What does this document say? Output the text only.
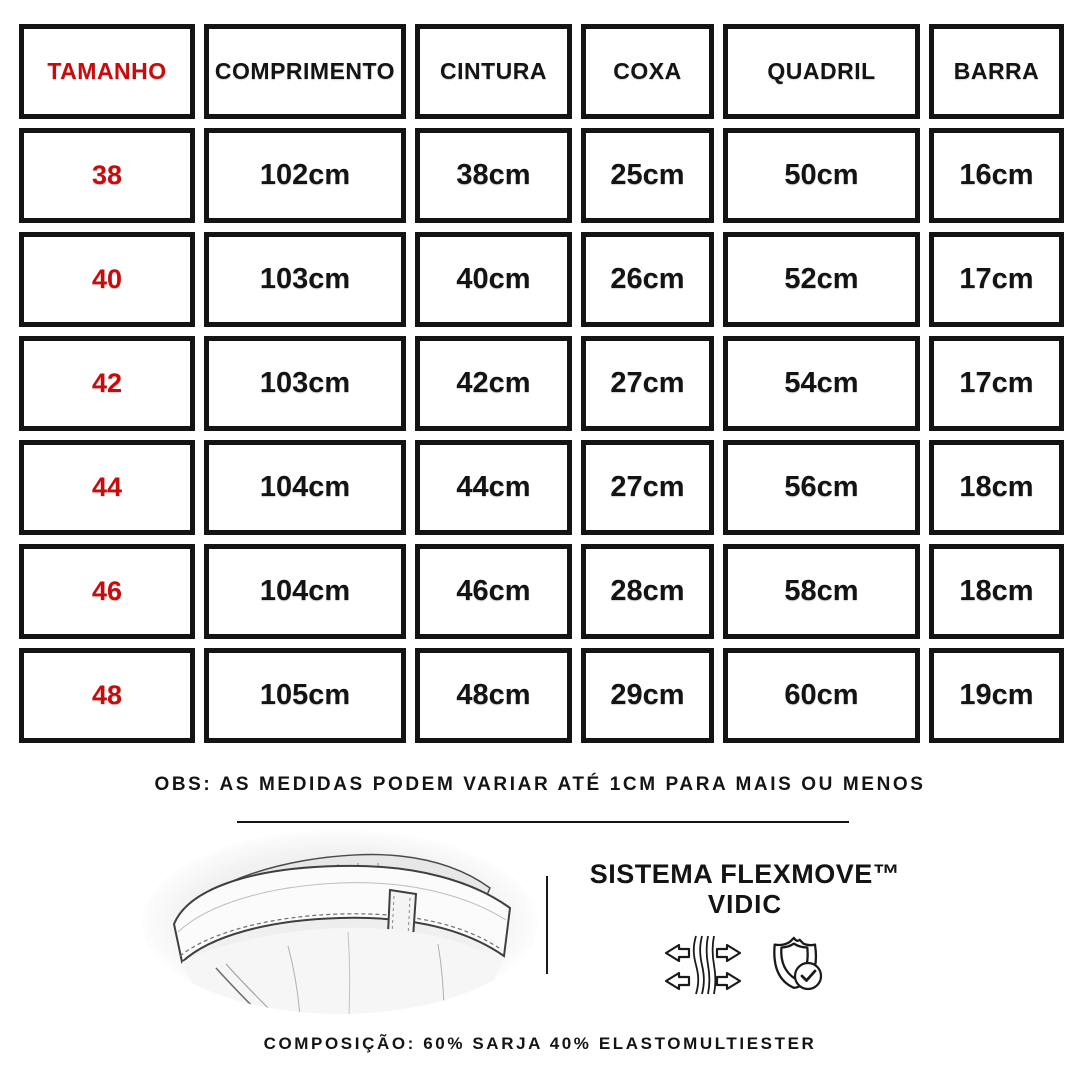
TAMANHO	COMPRIMENTO	CINTURA	COXA	QUADRIL	BARRA
38	102cm	38cm	25cm	50cm	16cm
40	103cm	40cm	26cm	52cm	17cm
42	103cm	42cm	27cm	54cm	17cm
44	104cm	44cm	27cm	56cm	18cm
46	104cm	46cm	28cm	58cm	18cm
48	105cm	48cm	29cm	60cm	19cm
OBS: AS MEDIDAS PODEM VARIAR ATÉ 1CM PARA MAIS OU MENOS
SISTEMA FLEXMOVE™
VIDIC
COMPOSIÇÃO: 60% SARJA 40% ELASTOMULTIESTER
